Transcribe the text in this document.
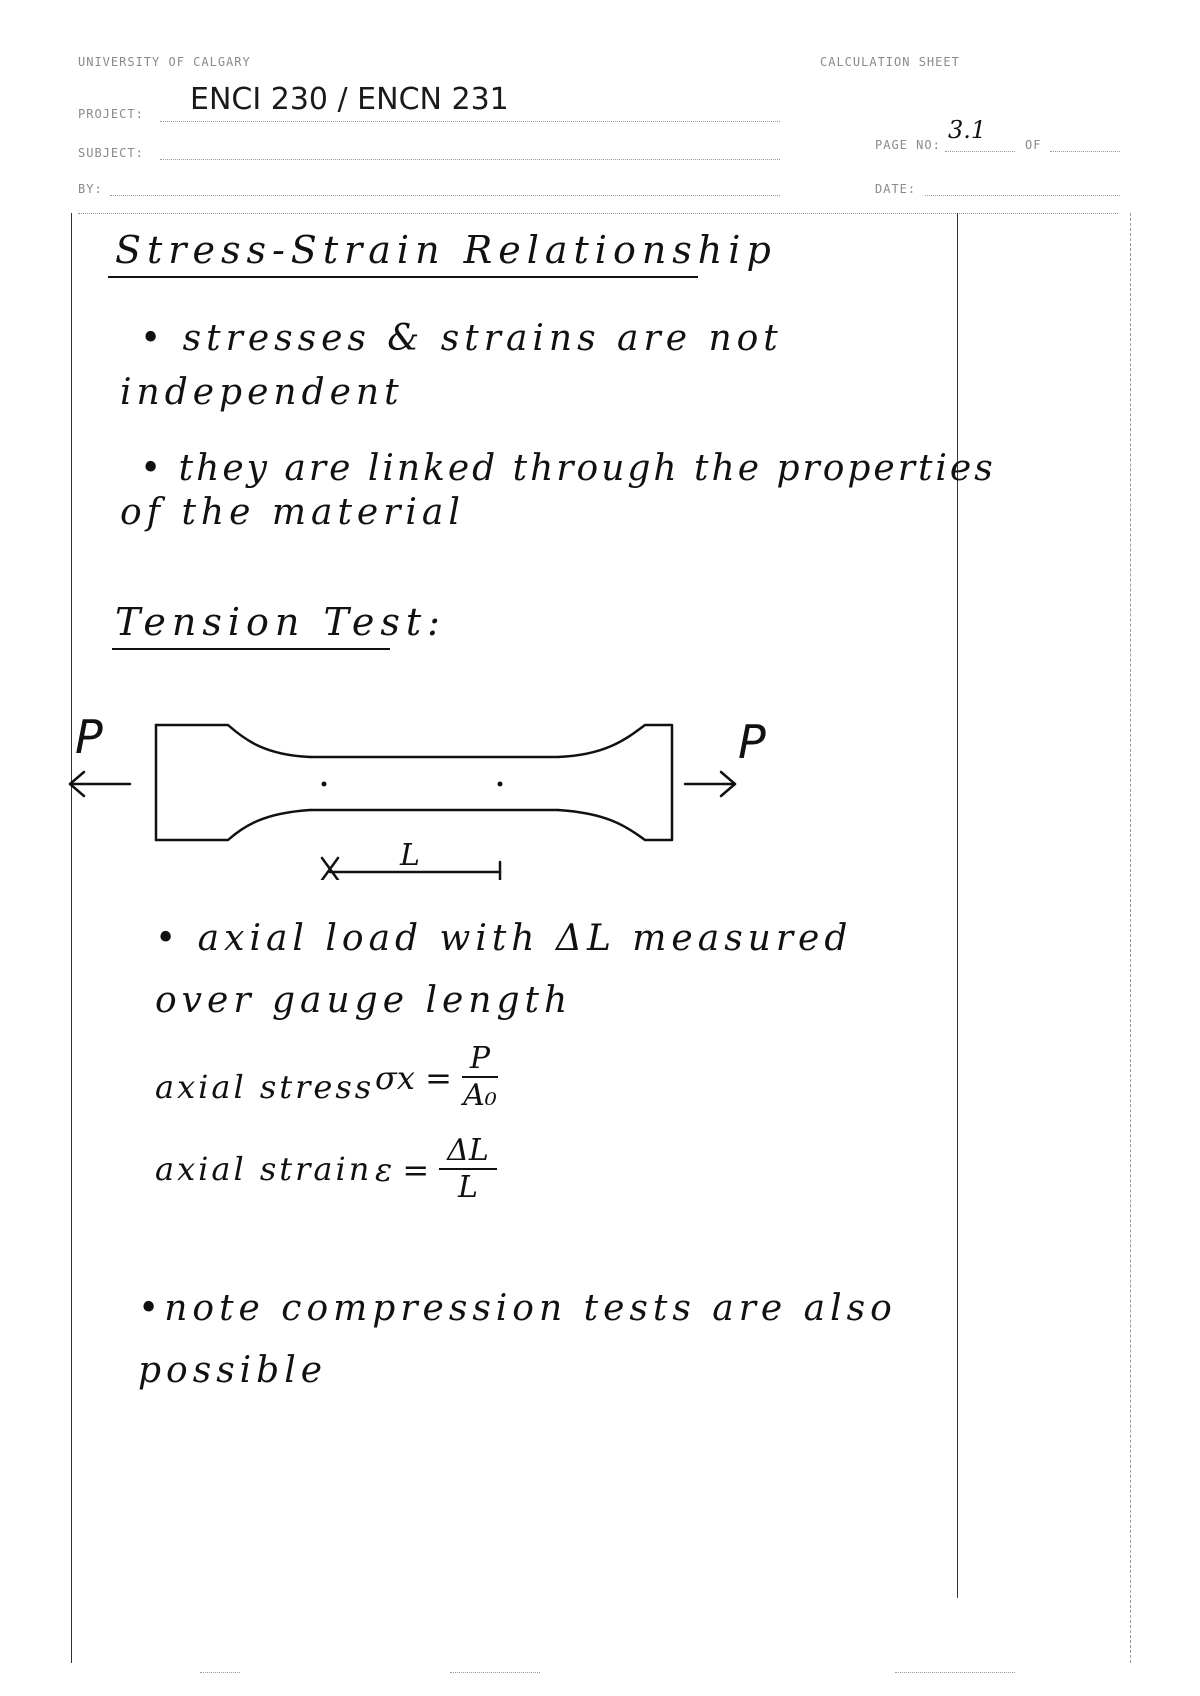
UNIVERSITY OF CALGARY	CALCULATION SHEET
PROJECT: ENCI 230 / ENCN 231
SUBJECT:
BY:
PAGE NO:
3.1
OF
DATE:
Stress-Strain Relationship
• stresses & strains are not
independent
• they are linked through the properties
of the material
Tension Test:
P	P
L
• axial load with ΔL measured
over gauge length
axial stress $\sigma x = \frac{P}{\text{A₀}}$
axial strain $\varepsilon = \frac{\Delta L}{L}$
•note compression tests are also
possible
